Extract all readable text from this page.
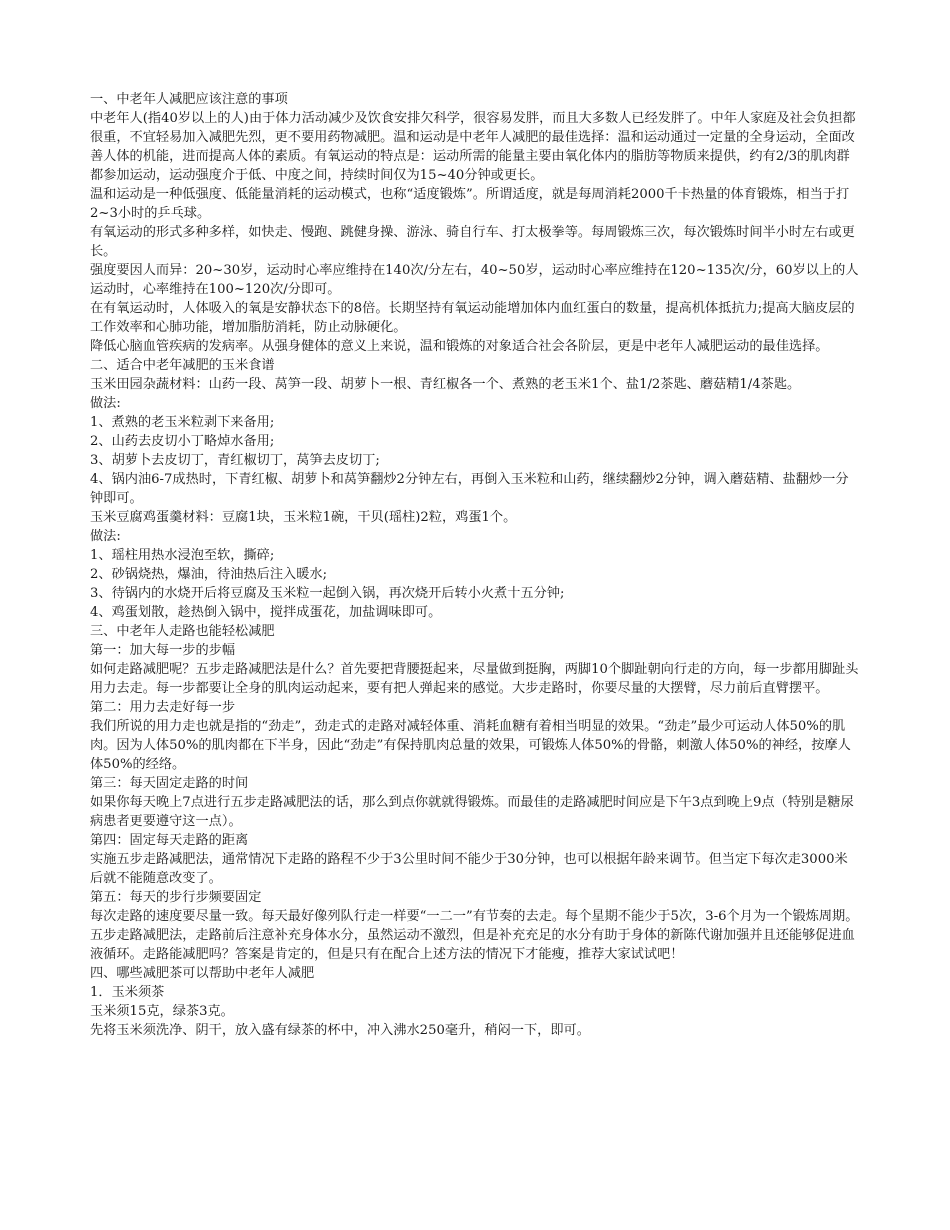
一、中老年人减肥应该注意的事项

中老年人(指40岁以上的人)由于体力活动减少及饮食安排欠科学，很容易发胖，而且大多数人已经发胖了。中年人家庭及社会负担都很重，不宜轻易加入减肥先烈，更不要用药物减肥。温和运动是中老年人减肥的最佳选择：温和运动通过一定量的全身运动，全面改善人体的机能，进而提高人体的素质。有氧运动的特点是：运动所需的能量主要由氧化体内的脂肪等物质来提供，约有2/3的肌肉群都参加运动，运动强度介于低、中度之间，持续时间仅为15~40分钟或更长。

温和运动是一种低强度、低能量消耗的运动模式，也称“适度锻炼”。所谓适度，就是每周消耗2000千卡热量的体育锻炼，相当于打2~3小时的乒乓球。

有氧运动的形式多种多样，如快走、慢跑、跳健身操、游泳、骑自行车、打太极拳等。每周锻炼三次，每次锻炼时间半小时左右或更长。

强度要因人而异：20~30岁，运动时心率应维持在140次/分左右，40~50岁，运动时心率应维持在120~135次/分，60岁以上的人运动时，心率维持在100~120次/分即可。

在有氧运动时，人体吸入的氧是安静状态下的8倍。长期坚持有氧运动能增加体内血红蛋白的数量，提高机体抵抗力;提高大脑皮层的工作效率和心肺功能，增加脂肪消耗，防止动脉硬化。

降低心脑血管疾病的发病率。从强身健体的意义上来说，温和锻炼的对象适合社会各阶层，更是中老年人减肥运动的最佳选择。

二、适合中老年减肥的玉米食谱

玉米田园杂蔬材料：山药一段、莴笋一段、胡萝卜一根、青红椒各一个、煮熟的老玉米1个、盐1/2茶匙、蘑菇精1/4茶匙。

做法:

1、煮熟的老玉米粒剥下来备用;

2、山药去皮切小丁略焯水备用;

3、胡萝卜去皮切丁，青红椒切丁，莴笋去皮切丁;

4、锅内油6-7成热时，下青红椒、胡萝卜和莴笋翻炒2分钟左右，再倒入玉米粒和山药，继续翻炒2分钟，调入蘑菇精、盐翻炒一分钟即可。

玉米豆腐鸡蛋羹材料：豆腐1块，玉米粒1碗，干贝(瑶柱)2粒，鸡蛋1个。

做法:

1、瑶柱用热水浸泡至软，撕碎;

2、砂锅烧热，爆油，待油热后注入暖水;

3、待锅内的水烧开后将豆腐及玉米粒一起倒入锅，再次烧开后转小火煮十五分钟;

4、鸡蛋划散，趁热倒入锅中，搅拌成蛋花，加盐调味即可。

三、中老年人走路也能轻松减肥

第一：加大每一步的步幅

如何走路减肥呢？五步走路减肥法是什么？首先要把背腰挺起来，尽量做到挺胸，两脚10个脚趾朝向行走的方向，每一步都用脚趾头用力去走。每一步都要让全身的肌肉运动起来，要有把人弹起来的感觉。大步走路时，你要尽量的大摆臂，尽力前后直臂摆平。

第二：用力去走好每一步

我们所说的用力走也就是指的“劲走”，劲走式的走路对减轻体重、消耗血糖有着相当明显的效果。“劲走”最少可运动人体50%的肌肉。因为人体50%的肌肉都在下半身，因此“劲走”有保持肌肉总量的效果，可锻炼人体50%的骨骼，刺激人体50%的神经，按摩人体50%的经络。

第三：每天固定走路的时间

如果你每天晚上7点进行五步走路减肥法的话，那么到点你就就得锻炼。而最佳的走路减肥时间应是下午3点到晚上9点（特别是糖尿病患者更要遵守这一点）。

第四：固定每天走路的距离

实施五步走路减肥法，通常情况下走路的路程不少于3公里时间不能少于30分钟，也可以根据年龄来调节。但当定下每次走3000米后就不能随意改变了。

第五：每天的步行步频要固定

每次走路的速度要尽量一致。每天最好像列队行走一样要“一二一”有节奏的去走。每个星期不能少于5次，3-6个月为一个锻炼周期。五步走路减肥法，走路前后注意补充身体水分，虽然运动不激烈，但是补充充足的水分有助于身体的新陈代谢加强并且还能够促进血液循环。走路能减肥吗？答案是肯定的，但是只有在配合上述方法的情况下才能瘦，推荐大家试试吧！

四、哪些减肥茶可以帮助中老年人减肥

1．玉米须茶

玉米须15克，绿茶3克。

先将玉米须洗净、阴干，放入盛有绿茶的杯中，冲入沸水250毫升，稍闷一下，即可。
